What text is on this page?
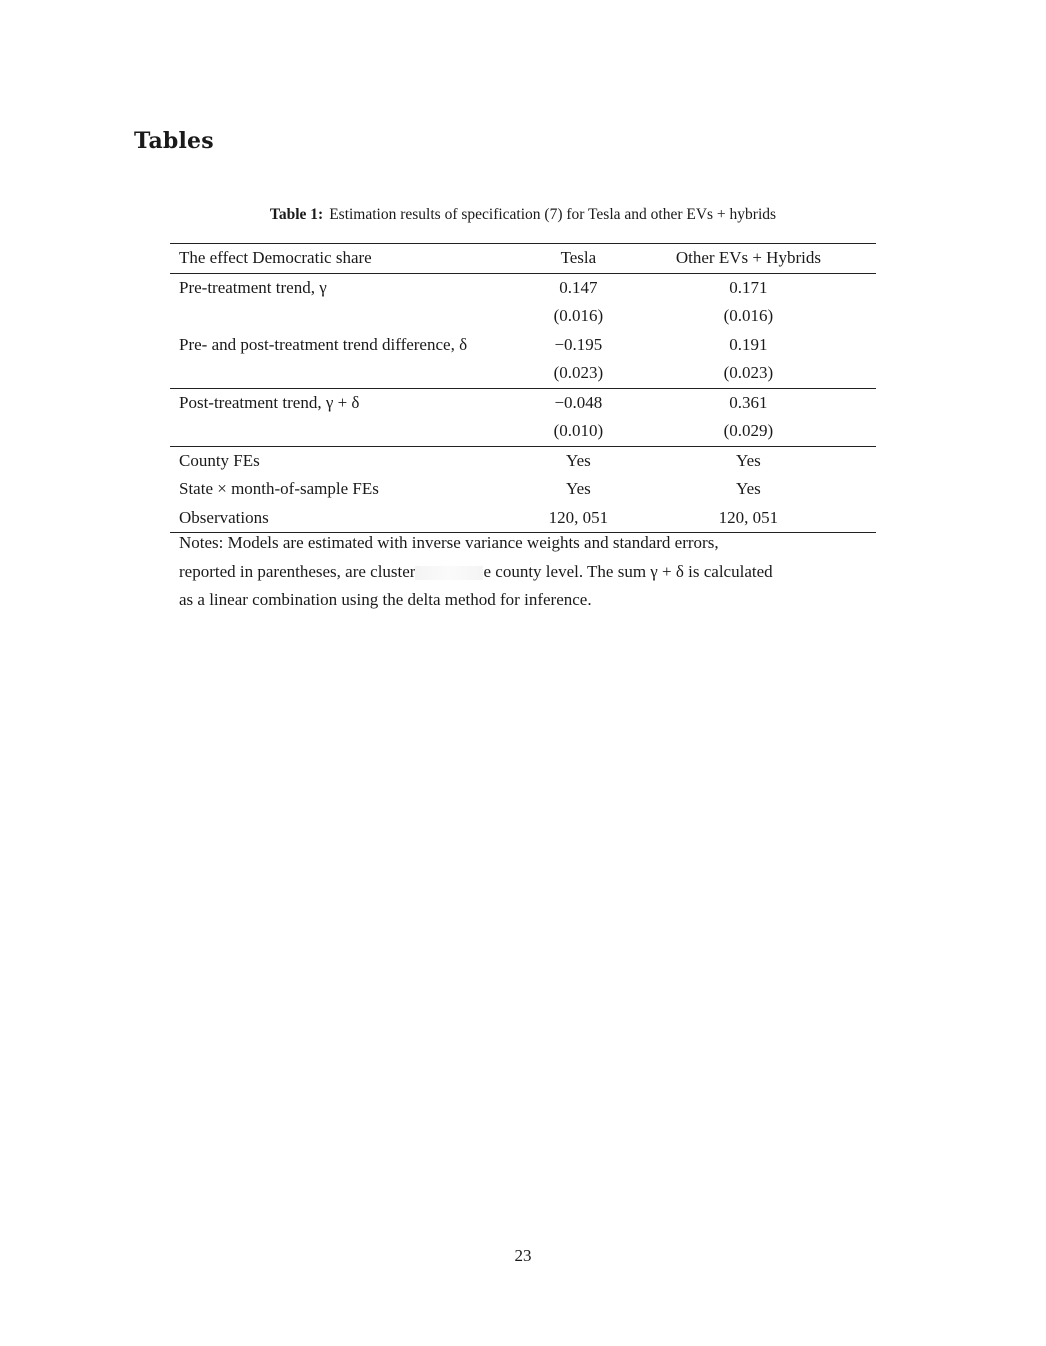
Tables
Table 1: Estimation results of specification (7) for Tesla and other EVs + hybrids
The effect Democratic share	Tesla	Other EVs + Hybrids
Pre-treatment trend, γ	0.147	0.171
	(0.016)	(0.016)
Pre- and post-treatment trend difference, δ	−0.195	0.191
	(0.023)	(0.023)
Post-treatment trend, γ + δ	−0.048	0.361
	(0.010)	(0.029)
County FEs	Yes	Yes
State × month-of-sample FEs	Yes	Yes
Observations	120, 051	120, 051
Notes: Models are estimated with inverse variance weights and standard errors,
reported in parentheses, are cluster	e county level. The sum γ + δ is calculated
as a linear combination using the delta method for inference.
23
